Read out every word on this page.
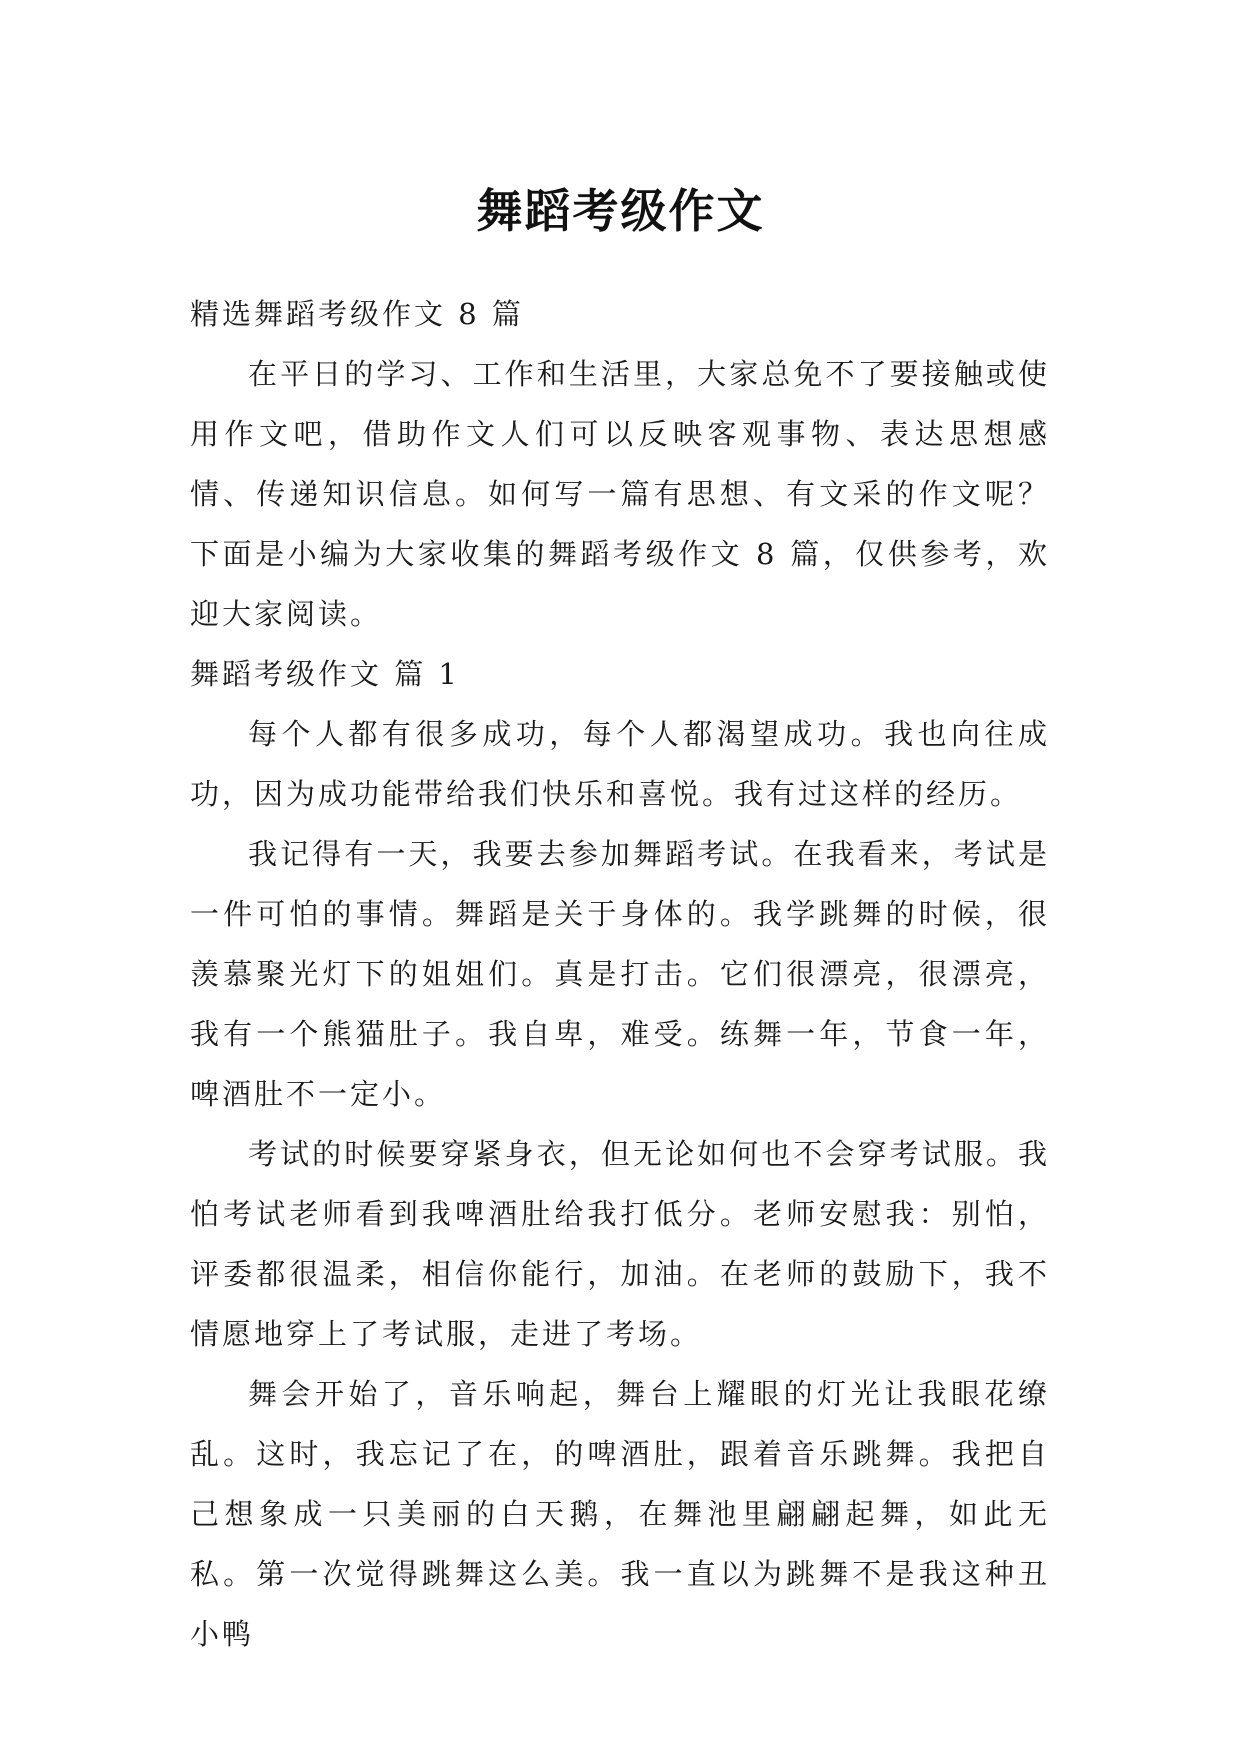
舞蹈考级作文

精选舞蹈考级作文 8 篇

在平日的学习、工作和生活里，大家总免不了要接触或使用作文吧，借助作文人们可以反映客观事物、表达思想感情、传递知识信息。如何写一篇有思想、有文采的作文呢？下面是小编为大家收集的舞蹈考级作文 8 篇，仅供参考，欢迎大家阅读。

舞蹈考级作文 篇 1

每个人都有很多成功，每个人都渴望成功。我也向往成功，因为成功能带给我们快乐和喜悦。我有过这样的经历。

我记得有一天，我要去参加舞蹈考试。在我看来，考试是一件可怕的事情。舞蹈是关于身体的。我学跳舞的时候，很羡慕聚光灯下的姐姐们。真是打击。它们很漂亮，很漂亮，我有一个熊猫肚子。我自卑，难受。练舞一年，节食一年，啤酒肚不一定小。

考试的时候要穿紧身衣，但无论如何也不会穿考试服。我怕考试老师看到我啤酒肚给我打低分。老师安慰我：别怕，评委都很温柔，相信你能行，加油。在老师的鼓励下，我不情愿地穿上了考试服，走进了考场。

舞会开始了，音乐响起，舞台上耀眼的灯光让我眼花缭乱。这时，我忘记了在，的啤酒肚，跟着音乐跳舞。我把自己想象成一只美丽的白天鹅，在舞池里翩翩起舞，如此无私。第一次觉得跳舞这么美。我一直以为跳舞不是我这种丑小鸭
